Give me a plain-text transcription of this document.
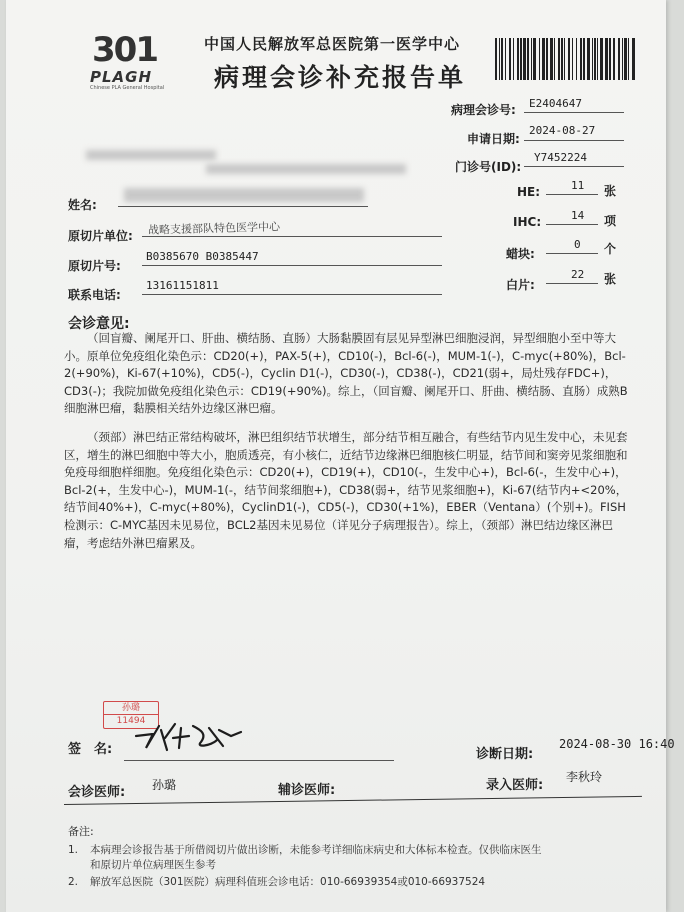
301
PLAGH
Chinese PLA General Hospital
中国人民解放军总医院第一医学中心
病理会诊补充报告单
病理会诊号: E2404647
申请日期:
2024-08-27
门诊号(ID):
Y7452224
姓名:
原切片单位: 战略支援部队特色医学中心
原切片号:
B0385670 B0385447
联系电话:
13161151811
HE:	11 张
IHC:	14 项
蜡块:
0 个
白片:
22 张
会诊意见:

（回盲瓣、阑尾开口、肝曲、横结肠、直肠）大肠黏膜固有层见异型淋巴细胞浸润，异型细胞小至中等大小。原单位免疫组化染色示：CD20(+)，PAX-5(+)，CD10(-)，Bcl-6(-)，MUM-1(-)，C-myc(+80%)，Bcl-2(+90%)，Ki-67(+10%)，CD5(-)，Cyclin D1(-)，CD30(-)，CD38(-)，CD21(弱+，局灶残存FDC+)，CD3(-)；我院加做免疫组化染色示：CD19(+90%)。综上，（回盲瓣、阑尾开口、肝曲、横结肠、直肠）成熟B细胞淋巴瘤，黏膜相关结外边缘区淋巴瘤。

（颈部）淋巴结正常结构破坏，淋巴组织结节状增生，部分结节相互融合，有些结节内见生发中心，未见套区，增生的淋巴细胞中等大小，胞质透亮，有小核仁，近结节边缘淋巴细胞核仁明显，结节间和窦旁见浆细胞和免疫母细胞样细胞。免疫组化染色示：CD20(+)，CD19(+)，CD10(-，生发中心+)，Bcl-6(-，生发中心+)，Bcl-2(+，生发中心-)，MUM-1(-，结节间浆细胞+)，CD38(弱+，结节见浆细胞+)，Ki-67(结节内+<20%，结节间40%+)，C-myc(+80%)，CyclinD1(-)，CD5(-)，CD30(+1%)，EBER（Ventana）(个别+)。FISH检测示：C-MYC基因未见易位，BCL2基因未见易位（详见分子病理报告）。综上，（颈部）淋巴结边缘区淋巴瘤，考虑结外淋巴瘤累及。

孙璐
11494
签　名:	诊断日期:
2024-08-30 16:40
会诊医师: 孙璐	辅诊医师:	录入医师:
李秋玲
备注:
1.	本病理会诊报告基于所借阅切片做出诊断，未能参考详细临床病史和大体标本检查。仅供临床医生
和原切片单位病理医生参考
2.	解放军总医院（301医院）病理科值班会诊电话：010-66939354或010-66937524
